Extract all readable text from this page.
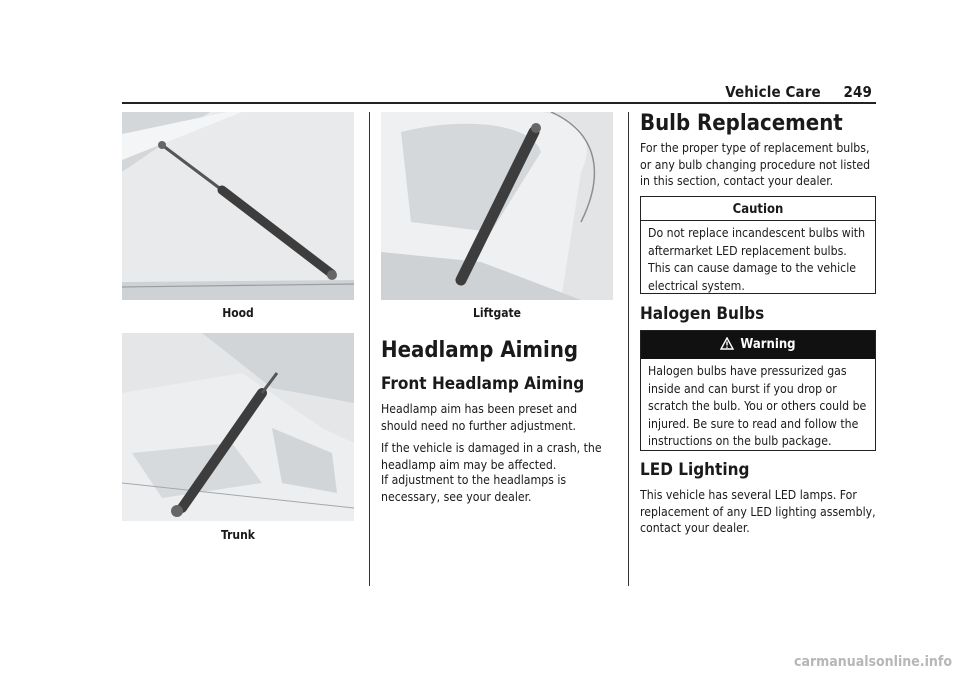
Vehicle Care 249
Hood
Trunk
Liftgate
Headlamp Aiming
Front Headlamp Aiming

Headlamp aim has been preset and should need no further adjustment.

If the vehicle is damaged in a crash, the headlamp aim may be affected.

If adjustment to the headlamps is necessary, see your dealer.

Bulb Replacement

For the proper type of replacement bulbs, or any bulb changing procedure not listed in this section, contact your dealer.

Caution
Do not replace incandescent bulbs with aftermarket LED replacement bulbs. This can cause damage to the vehicle electrical system.
Halogen Bulbs
Warning
Halogen bulbs have pressurized gas inside and can burst if you drop or scratch the bulb. You or others could be injured. Be sure to read and follow the instructions on the bulb package.
LED Lighting

This vehicle has several LED lamps. For replacement of any LED lighting assembly, contact your dealer.

carmanualsonline.info
